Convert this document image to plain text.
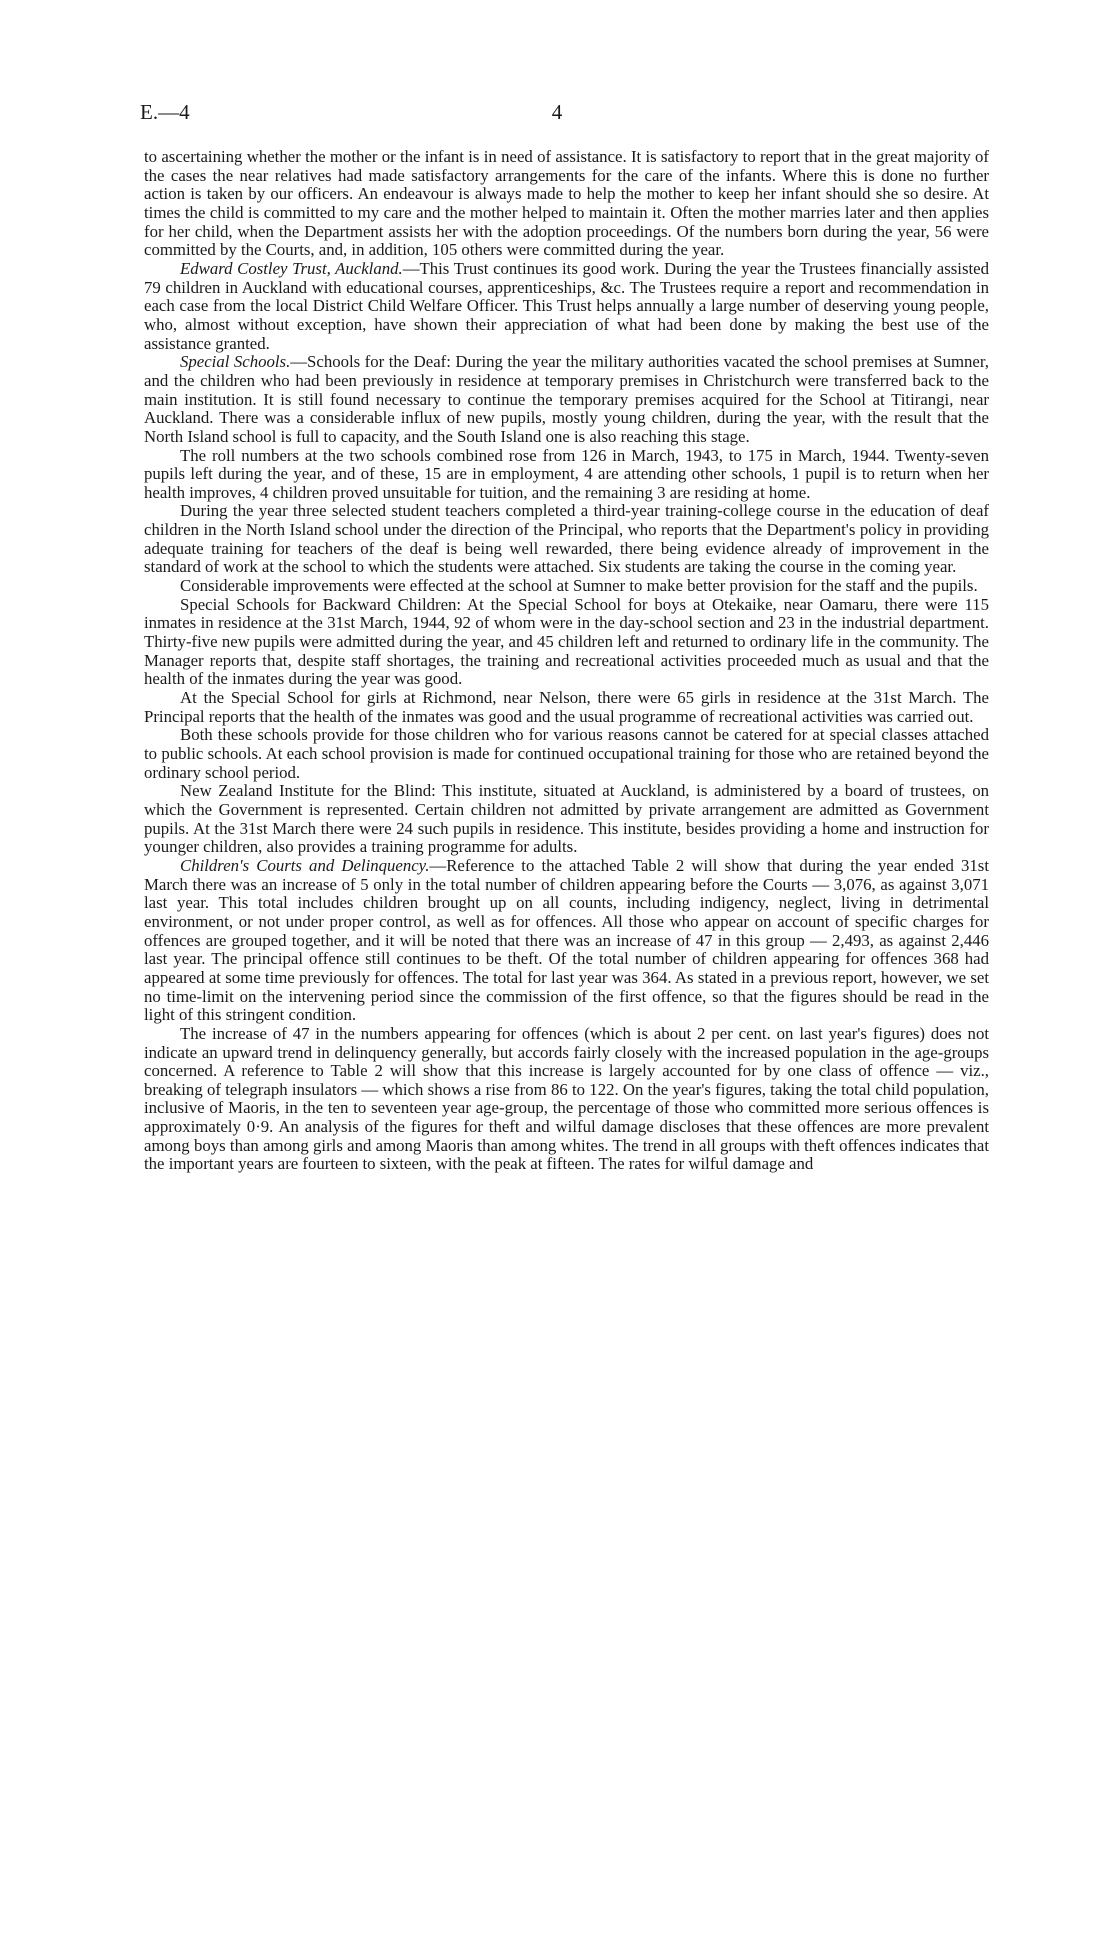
E.—4	4

to ascertaining whether the mother or the infant is in need of assistance. It is satisfactory to report that in the great majority of the cases the near relatives had made satisfactory arrangements for the care of the infants. Where this is done no further action is taken by our officers. An endeavour is always made to help the mother to keep her infant should she so desire. At times the child is committed to my care and the mother helped to maintain it. Often the mother marries later and then applies for her child, when the Department assists her with the adoption proceedings. Of the numbers born during the year, 56 were committed by the Courts, and, in addition, 105 others were committed during the year.

Edward Costley Trust, Auckland.—This Trust continues its good work. During the year the Trustees financially assisted 79 children in Auckland with educational courses, apprenticeships, &c. The Trustees require a report and recommendation in each case from the local District Child Welfare Officer. This Trust helps annually a large number of deserving young people, who, almost without exception, have shown their appreciation of what had been done by making the best use of the assistance granted.

Special Schools.—Schools for the Deaf: During the year the military authorities vacated the school premises at Sumner, and the children who had been previously in residence at temporary premises in Christchurch were transferred back to the main institution. It is still found necessary to continue the temporary premises acquired for the School at Titirangi, near Auckland. There was a considerable influx of new pupils, mostly young children, during the year, with the result that the North Island school is full to capacity, and the South Island one is also reaching this stage.

The roll numbers at the two schools combined rose from 126 in March, 1943, to 175 in March, 1944. Twenty-seven pupils left during the year, and of these, 15 are in employment, 4 are attending other schools, 1 pupil is to return when her health improves, 4 children proved unsuitable for tuition, and the remaining 3 are residing at home.

During the year three selected student teachers completed a third-year training-college course in the education of deaf children in the North Island school under the direction of the Principal, who reports that the Department's policy in providing adequate training for teachers of the deaf is being well rewarded, there being evidence already of improvement in the standard of work at the school to which the students were attached. Six students are taking the course in the coming year.

Considerable improvements were effected at the school at Sumner to make better provision for the staff and the pupils.

Special Schools for Backward Children: At the Special School for boys at Otekaike, near Oamaru, there were 115 inmates in residence at the 31st March, 1944, 92 of whom were in the day-school section and 23 in the industrial department. Thirty-five new pupils were admitted during the year, and 45 children left and returned to ordinary life in the community. The Manager reports that, despite staff shortages, the training and recreational activities proceeded much as usual and that the health of the inmates during the year was good.

At the Special School for girls at Richmond, near Nelson, there were 65 girls in residence at the 31st March. The Principal reports that the health of the inmates was good and the usual programme of recreational activities was carried out.

Both these schools provide for those children who for various reasons cannot be catered for at special classes attached to public schools. At each school provision is made for continued occupational training for those who are retained beyond the ordinary school period.

New Zealand Institute for the Blind: This institute, situated at Auckland, is administered by a board of trustees, on which the Government is represented. Certain children not admitted by private arrangement are admitted as Government pupils. At the 31st March there were 24 such pupils in residence. This institute, besides providing a home and instruction for younger children, also provides a training programme for adults.

Children's Courts and Delinquency.—Reference to the attached Table 2 will show that during the year ended 31st March there was an increase of 5 only in the total number of children appearing before the Courts — 3,076, as against 3,071 last year. This total includes children brought up on all counts, including indigency, neglect, living in detrimental environment, or not under proper control, as well as for offences. All those who appear on account of specific charges for offences are grouped together, and it will be noted that there was an increase of 47 in this group — 2,493, as against 2,446 last year. The principal offence still continues to be theft. Of the total number of children appearing for offences 368 had appeared at some time previously for offences. The total for last year was 364. As stated in a previous report, however, we set no time-limit on the intervening period since the commission of the first offence, so that the figures should be read in the light of this stringent condition.

The increase of 47 in the numbers appearing for offences (which is about 2 per cent. on last year's figures) does not indicate an upward trend in delinquency generally, but accords fairly closely with the increased population in the age-groups concerned. A reference to Table 2 will show that this increase is largely accounted for by one class of offence — viz., breaking of telegraph insulators — which shows a rise from 86 to 122. On the year's figures, taking the total child population, inclusive of Maoris, in the ten to seventeen year age-group, the percentage of those who committed more serious offences is approximately 0·9. An analysis of the figures for theft and wilful damage discloses that these offences are more prevalent among boys than among girls and among Maoris than among whites. The trend in all groups with theft offences indicates that the important years are fourteen to sixteen, with the peak at fifteen. The rates for wilful damage and
